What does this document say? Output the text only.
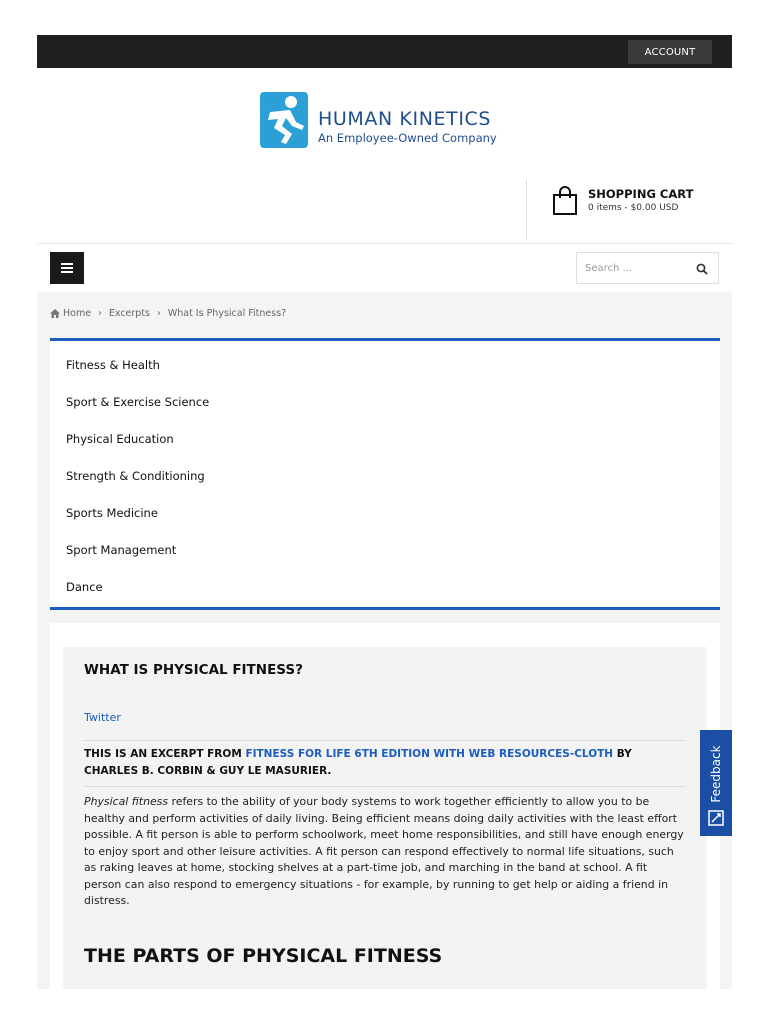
ACCOUNT
HUMAN KINETICS
An Employee-Owned Company
SHOPPING CART
0 items - $0.00 USD
Search ...
Home › Excerpts › What Is Physical Fitness?
Fitness & Health
Sport & Exercise Science
Physical Education
Strength & Conditioning
Sports Medicine
Sport Management
Dance
WHAT IS PHYSICAL FITNESS?
Twitter
THIS IS AN EXCERPT FROM FITNESS FOR LIFE 6TH EDITION WITH WEB RESOURCES-CLOTH BY CHARLES B. CORBIN & GUY LE MASURIER.
Physical fitness refers to the ability of your body systems to work together efficiently to allow you to be healthy and perform activities of daily living. Being efficient means doing daily activities with the least effort possible. A fit person is able to perform schoolwork, meet home responsibilities, and still have enough energy to enjoy sport and other leisure activities. A fit person can respond effectively to normal life situations, such as raking leaves at home, stocking shelves at a part-time job, and marching in the band at school. A fit person can also respond to emergency situations - for example, by running to get help or aiding a friend in distress.
THE PARTS OF PHYSICAL FITNESS
Feedback
